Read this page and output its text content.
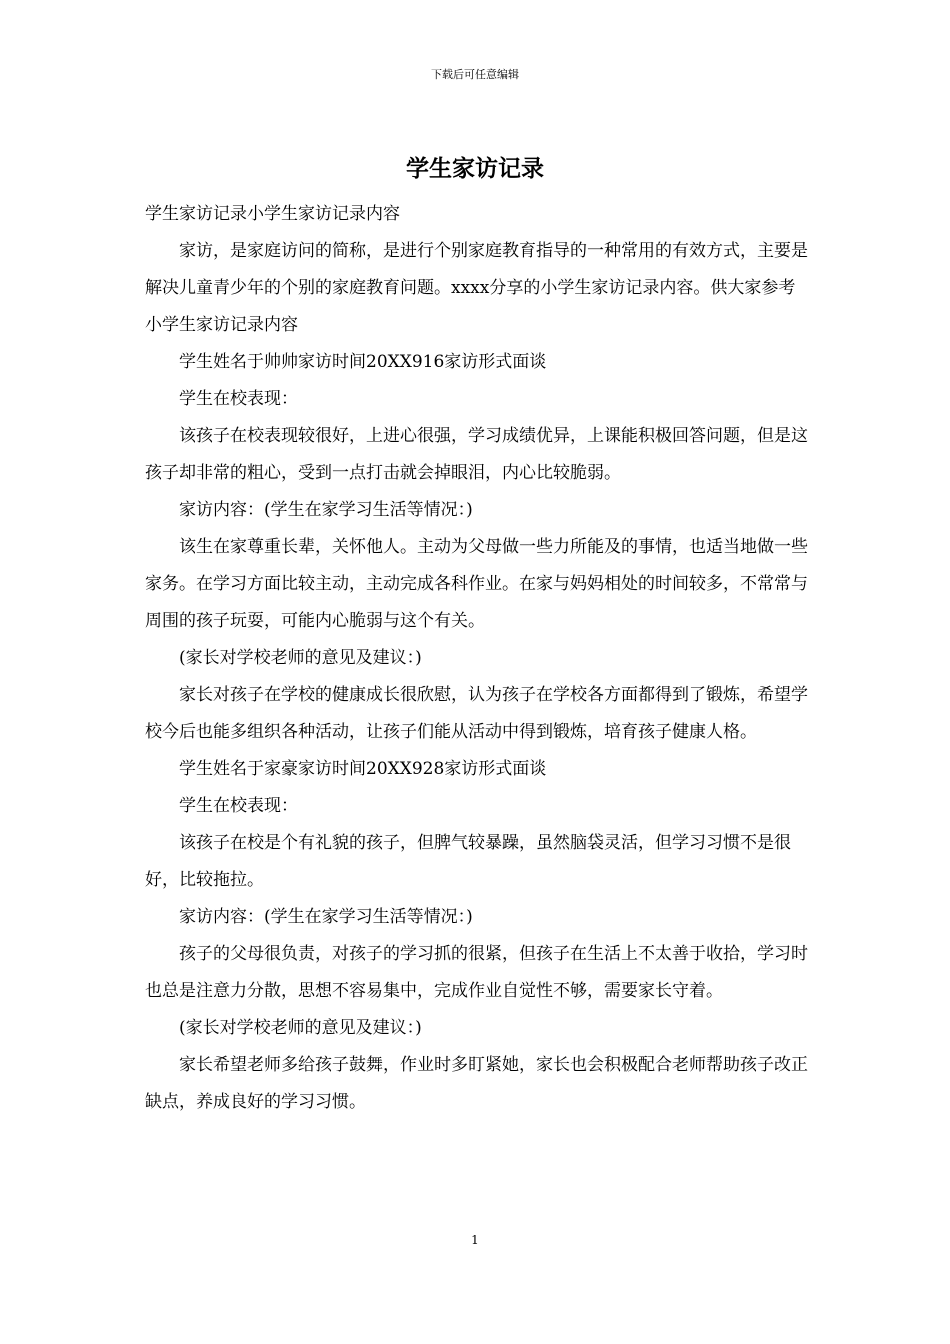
下载后可任意编辑
学生家访记录

学生家访记录小学生家访记录内容

家访，是家庭访问的简称，是进行个别家庭教育指导的一种常用的有效方式，主要是解决儿童青少年的个别的家庭教育问题。xxxx分享的小学生家访记录内容。供大家参考小学生家访记录内容

学生姓名于帅帅家访时间20XX916家访形式面谈

学生在校表现：

该孩子在校表现较很好，上进心很强，学习成绩优异，上课能积极回答问题，但是这孩子却非常的粗心，受到一点打击就会掉眼泪，内心比较脆弱。

家访内容：(学生在家学习生活等情况：)

该生在家尊重长辈，关怀他人。主动为父母做一些力所能及的事情，也适当地做一些家务。在学习方面比较主动，主动完成各科作业。在家与妈妈相处的时间较多，不常常与周围的孩子玩耍，可能内心脆弱与这个有关。

(家长对学校老师的意见及建议：)

家长对孩子在学校的健康成长很欣慰，认为孩子在学校各方面都得到了锻炼，希望学校今后也能多组织各种活动，让孩子们能从活动中得到锻炼，培育孩子健康人格。

学生姓名于家豪家访时间20XX928家访形式面谈

学生在校表现：

该孩子在校是个有礼貌的孩子，但脾气较暴躁，虽然脑袋灵活，但学习习惯不是很好，比较拖拉。

家访内容：(学生在家学习生活等情况：)

孩子的父母很负责，对孩子的学习抓的很紧，但孩子在生活上不太善于收拾，学习时也总是注意力分散，思想不容易集中，完成作业自觉性不够，需要家长守着。

(家长对学校老师的意见及建议：)

家长希望老师多给孩子鼓舞，作业时多盯紧她，家长也会积极配合老师帮助孩子改正缺点，养成良好的学习习惯。

1
